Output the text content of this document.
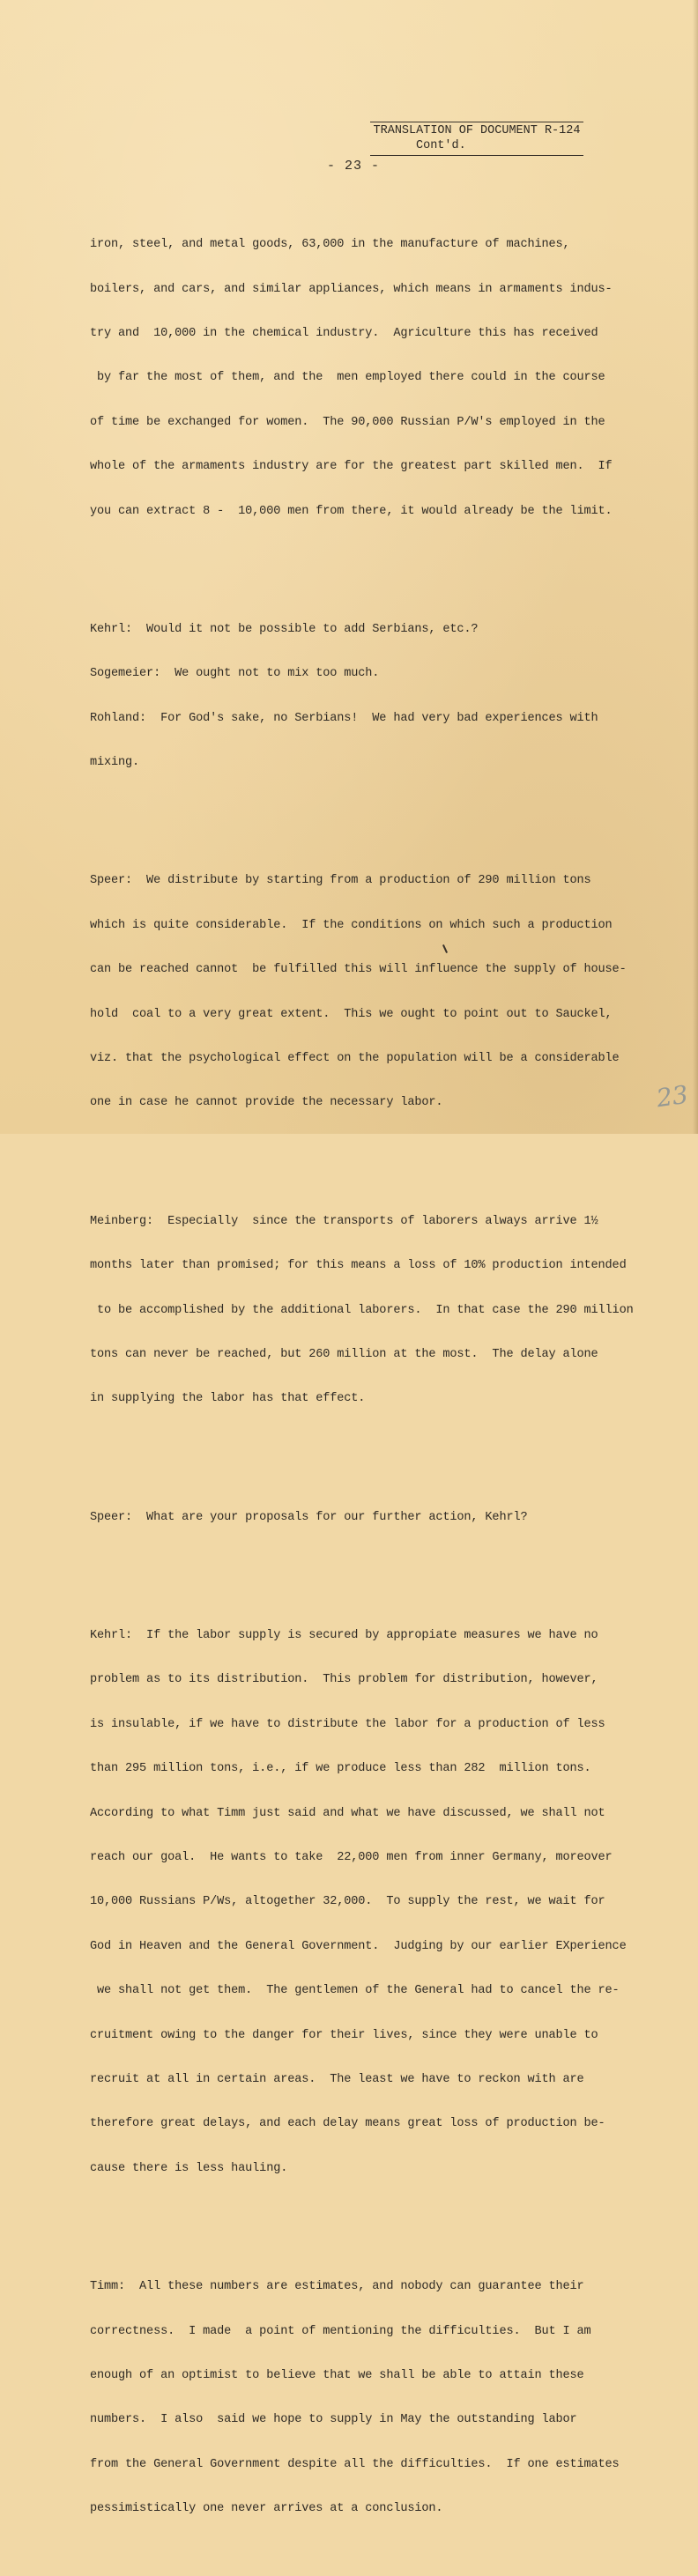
TRANSLATION OF DOCUMENT R-124
Cont'd.
- 23 -

iron, steel, and metal goods, 63,000 in the manufacture of machines,

boilers, and cars, and similar appliances, which means in armaments indus-

try and  10,000 in the chemical industry.  Agriculture this has received

by far the most of them, and the  men employed there could in the course

of time be exchanged for women.  The 90,000 Russian P/W's employed in the

whole of the armaments industry are for the greatest part skilled men.  If

you can extract 8 -  10,000 men from there, it would already be the limit.

Kehrl:  Would it not be possible to add Serbians, etc.?

Sogemeier:  We ought not to mix too much.

Rohland:  For God's sake, no Serbians!  We had very bad experiences with

mixing.

Speer:  We distribute by starting from a production of 290 million tons

which is quite considerable.  If the conditions on which such a production

can be reached cannot  be fulfilled this will influence the supply of house-

hold  coal to a very great extent.  This we ought to point out to Sauckel,

viz. that the psychological effect on the population will be a considerable

one in case he cannot provide the necessary labor.

Meinberg:  Especially  since the transports of laborers always arrive 1½

months later than promised; for this means a loss of 10% production intended

to be accomplished by the additional laborers.  In that case the 290 million

tons can never be reached, but 260 million at the most.  The delay alone

in supplying the labor has that effect.

Speer:  What are your proposals for our further action, Kehrl?

Kehrl:  If the labor supply is secured by appropiate measures we have no

problem as to its distribution.  This problem for distribution, however,

is insulable, if we have to distribute the labor for a production of less

than 295 million tons, i.e., if we produce less than 282  million tons.

According to what Timm just said and what we have discussed, we shall not

reach our goal.  He wants to take  22,000 men from inner Germany, moreover

10,000 Russians P/Ws, altogether 32,000.  To supply the rest, we wait for

God in Heaven and the General Government.  Judging by our earlier EXperience

we shall not get them.  The gentlemen of the General had to cancel the re-

cruitment owing to the danger for their lives, since they were unable to

recruit at all in certain areas.  The least we have to reckon with are

therefore great delays, and each delay means great loss of production be-

cause there is less hauling.

Timm:  All these numbers are estimates, and nobody can guarantee their

correctness.  I made  a point of mentioning the difficulties.  But I am

enough of an optimist to believe that we shall be able to attain these

numbers.  I also  said we hope to supply in May the outstanding labor

from the General Government despite all the difficulties.  If one estimates

pessimistically one never arrives at a conclusion.

23
